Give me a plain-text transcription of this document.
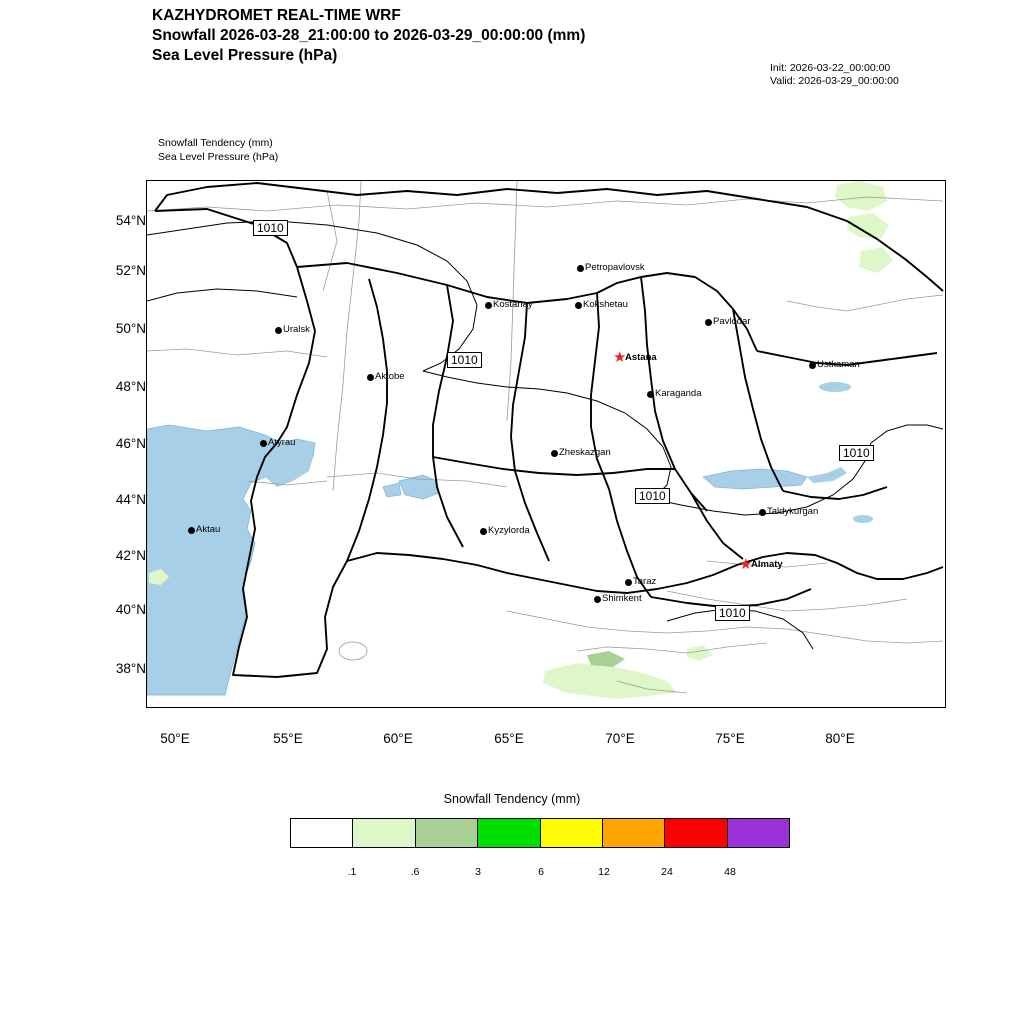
KAZHYDROMET REAL-TIME WRF
Snowfall 2026-03-28_21:00:00 to 2026-03-29_00:00:00 (mm)
Sea Level Pressure (hPa)
Init: 2026-03-22_00:00:00
Valid: 2026-03-29_00:00:00
Snowfall Tendency (mm)
Sea Level Pressure (hPa)
54°N
52°N
50°N
48°N
46°N
44°N
42°N
40°N
38°N
50°E	55°E	60°E	65°E	70°E	75°E	80°E
1010
1010
1010
1010
1010
Petropavlovsk
Kostanay	Kokshetau
Pavlodar
Uralsk
Ustkaman
★
Astana
Aktobe
Karaganda
Atyrau
Zheskazgan
Taldykurgan
Aktau	Kyzylorda
★
Almaty
Taraz
Shimkent
Snowfall Tendency (mm)
.1	.6	3	6	12	24	48
